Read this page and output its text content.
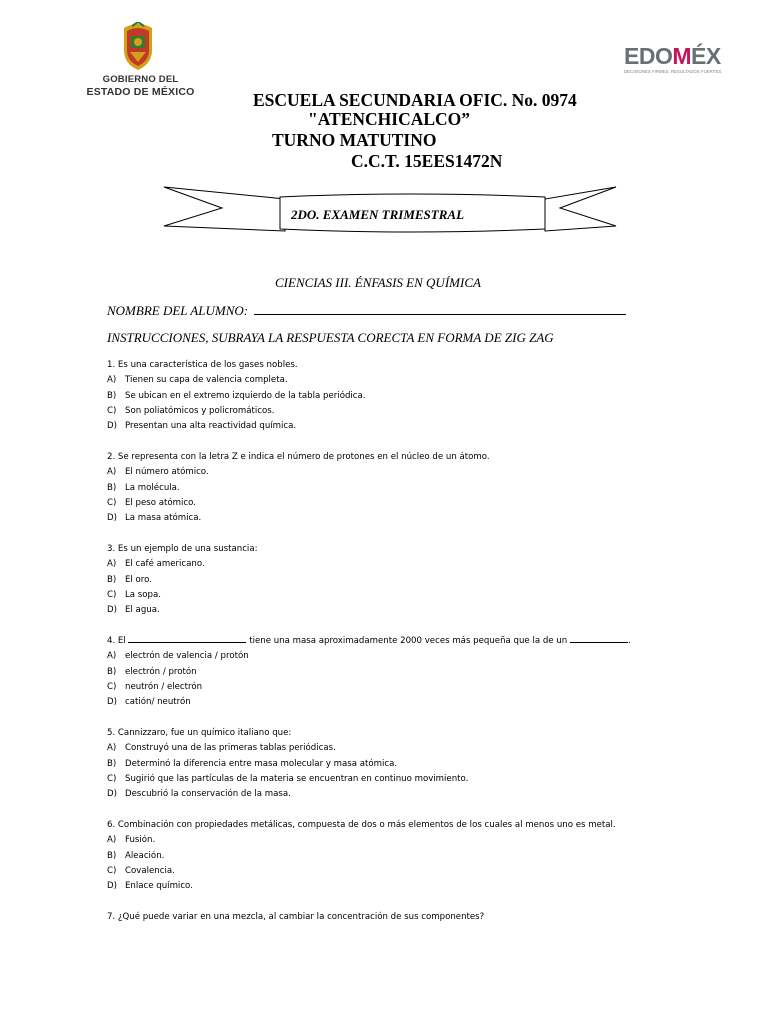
GOBIERNO DEL
ESTADO DE MÉXICO
EDOMÉX
DECISIONES FIRMES, RESULTADOS FUERTES.
ESCUELA SECUNDARIA OFIC. No. 0974
"ATENCHICALCO”
TURNO MATUTINO
C.C.T. 15EES1472N
2DO. EXAMEN TRIMESTRAL
CIENCIAS III. ÉNFASIS EN QUÍMICA
NOMBRE DEL ALUMNO:
INSTRUCCIONES, SUBRAYA LA RESPUESTA CORECTA EN FORMA DE ZIG ZAG
1. Es una característica de los gases nobles.
A) Tienen su capa de valencia completa.
B) Se ubican en el extremo izquierdo de la tabla periódica.
C) Son poliatómicos y policromáticos.
D) Presentan una alta reactividad química.
2. Se representa con la letra Z e indica el número de protones en el núcleo de un átomo.
A) El número atómico.
B) La molécula.
C) El peso atómico.
D) La masa atómica.
3. Es un ejemplo de una sustancia:
A) El café americano.
B) El oro.
C) La sopa.
D) El agua.
4. El	tiene una masa aproximadamente 2000 veces más pequeña que la de un	.
A) electrón de valencia / protón
B) electrón / protón
C) neutrón / electrón
D) catión/ neutrón
5. Cannizzaro, fue un químico italiano que:
A) Construyó una de las primeras tablas periódicas.
B) Determinó la diferencia entre masa molecular y masa atómica.
C) Sugirió que las partículas de la materia se encuentran en continuo movimiento.
D) Descubrió la conservación de la masa.
6. Combinación con propiedades metálicas, compuesta de dos o más elementos de los cuales al menos uno es metal.
A) Fusión.
B) Aleación.
C) Covalencia.
D) Enlace químico.
7. ¿Qué puede variar en una mezcla, al cambiar la concentración de sus componentes?
